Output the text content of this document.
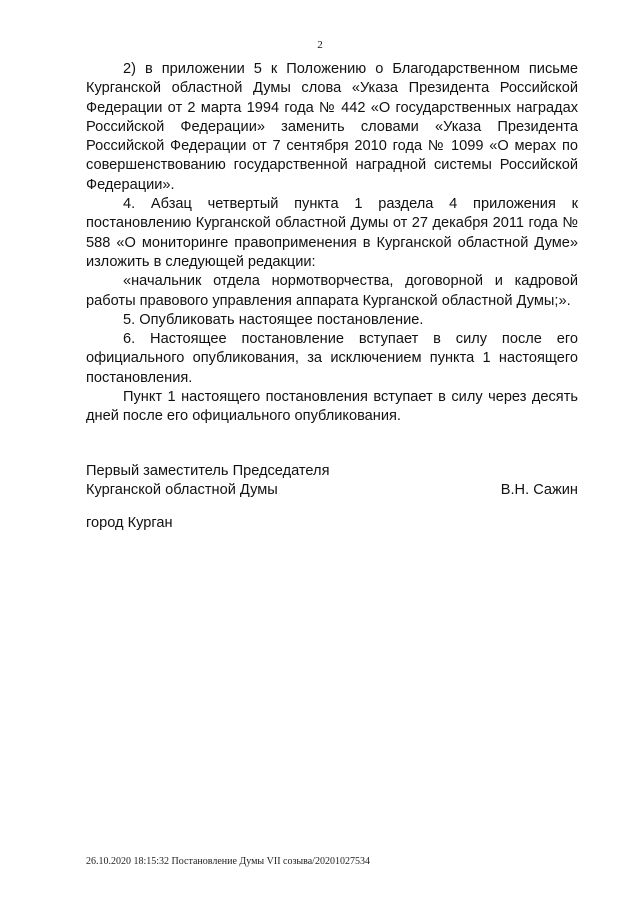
2

2) в приложении 5 к Положению о Благодарственном письме Курганской областной Думы слова «Указа Президента Российской Федерации от 2 марта 1994 года № 442 «О государственных наградах Российской Федерации» заменить словами «Указа Президента Российской Федерации от 7 сентября 2010 года № 1099 «О мерах по совершенствованию государственной наградной системы Российской Федерации».

4. Абзац четвертый пункта 1 раздела 4 приложения к постановлению Курганской областной Думы от 27 декабря 2011 года № 588 «О мониторинге правоприменения в Курганской областной Думе» изложить в следующей редакции:

«начальник отдела нормотворчества, договорной и кадровой работы правового управления аппарата Курганской областной Думы;».

5. Опубликовать настоящее постановление.

6. Настоящее постановление вступает в силу после его официального опубликования, за исключением пункта 1 настоящего постановления.

Пункт 1 настоящего постановления вступает в силу через десять дней после его официального опубликования.

Первый заместитель Председателя
Курганской областной Думы	В.Н. Сажин
город Курган
26.10.2020 18:15:32 Постановление Думы VII созыва/20201027534
